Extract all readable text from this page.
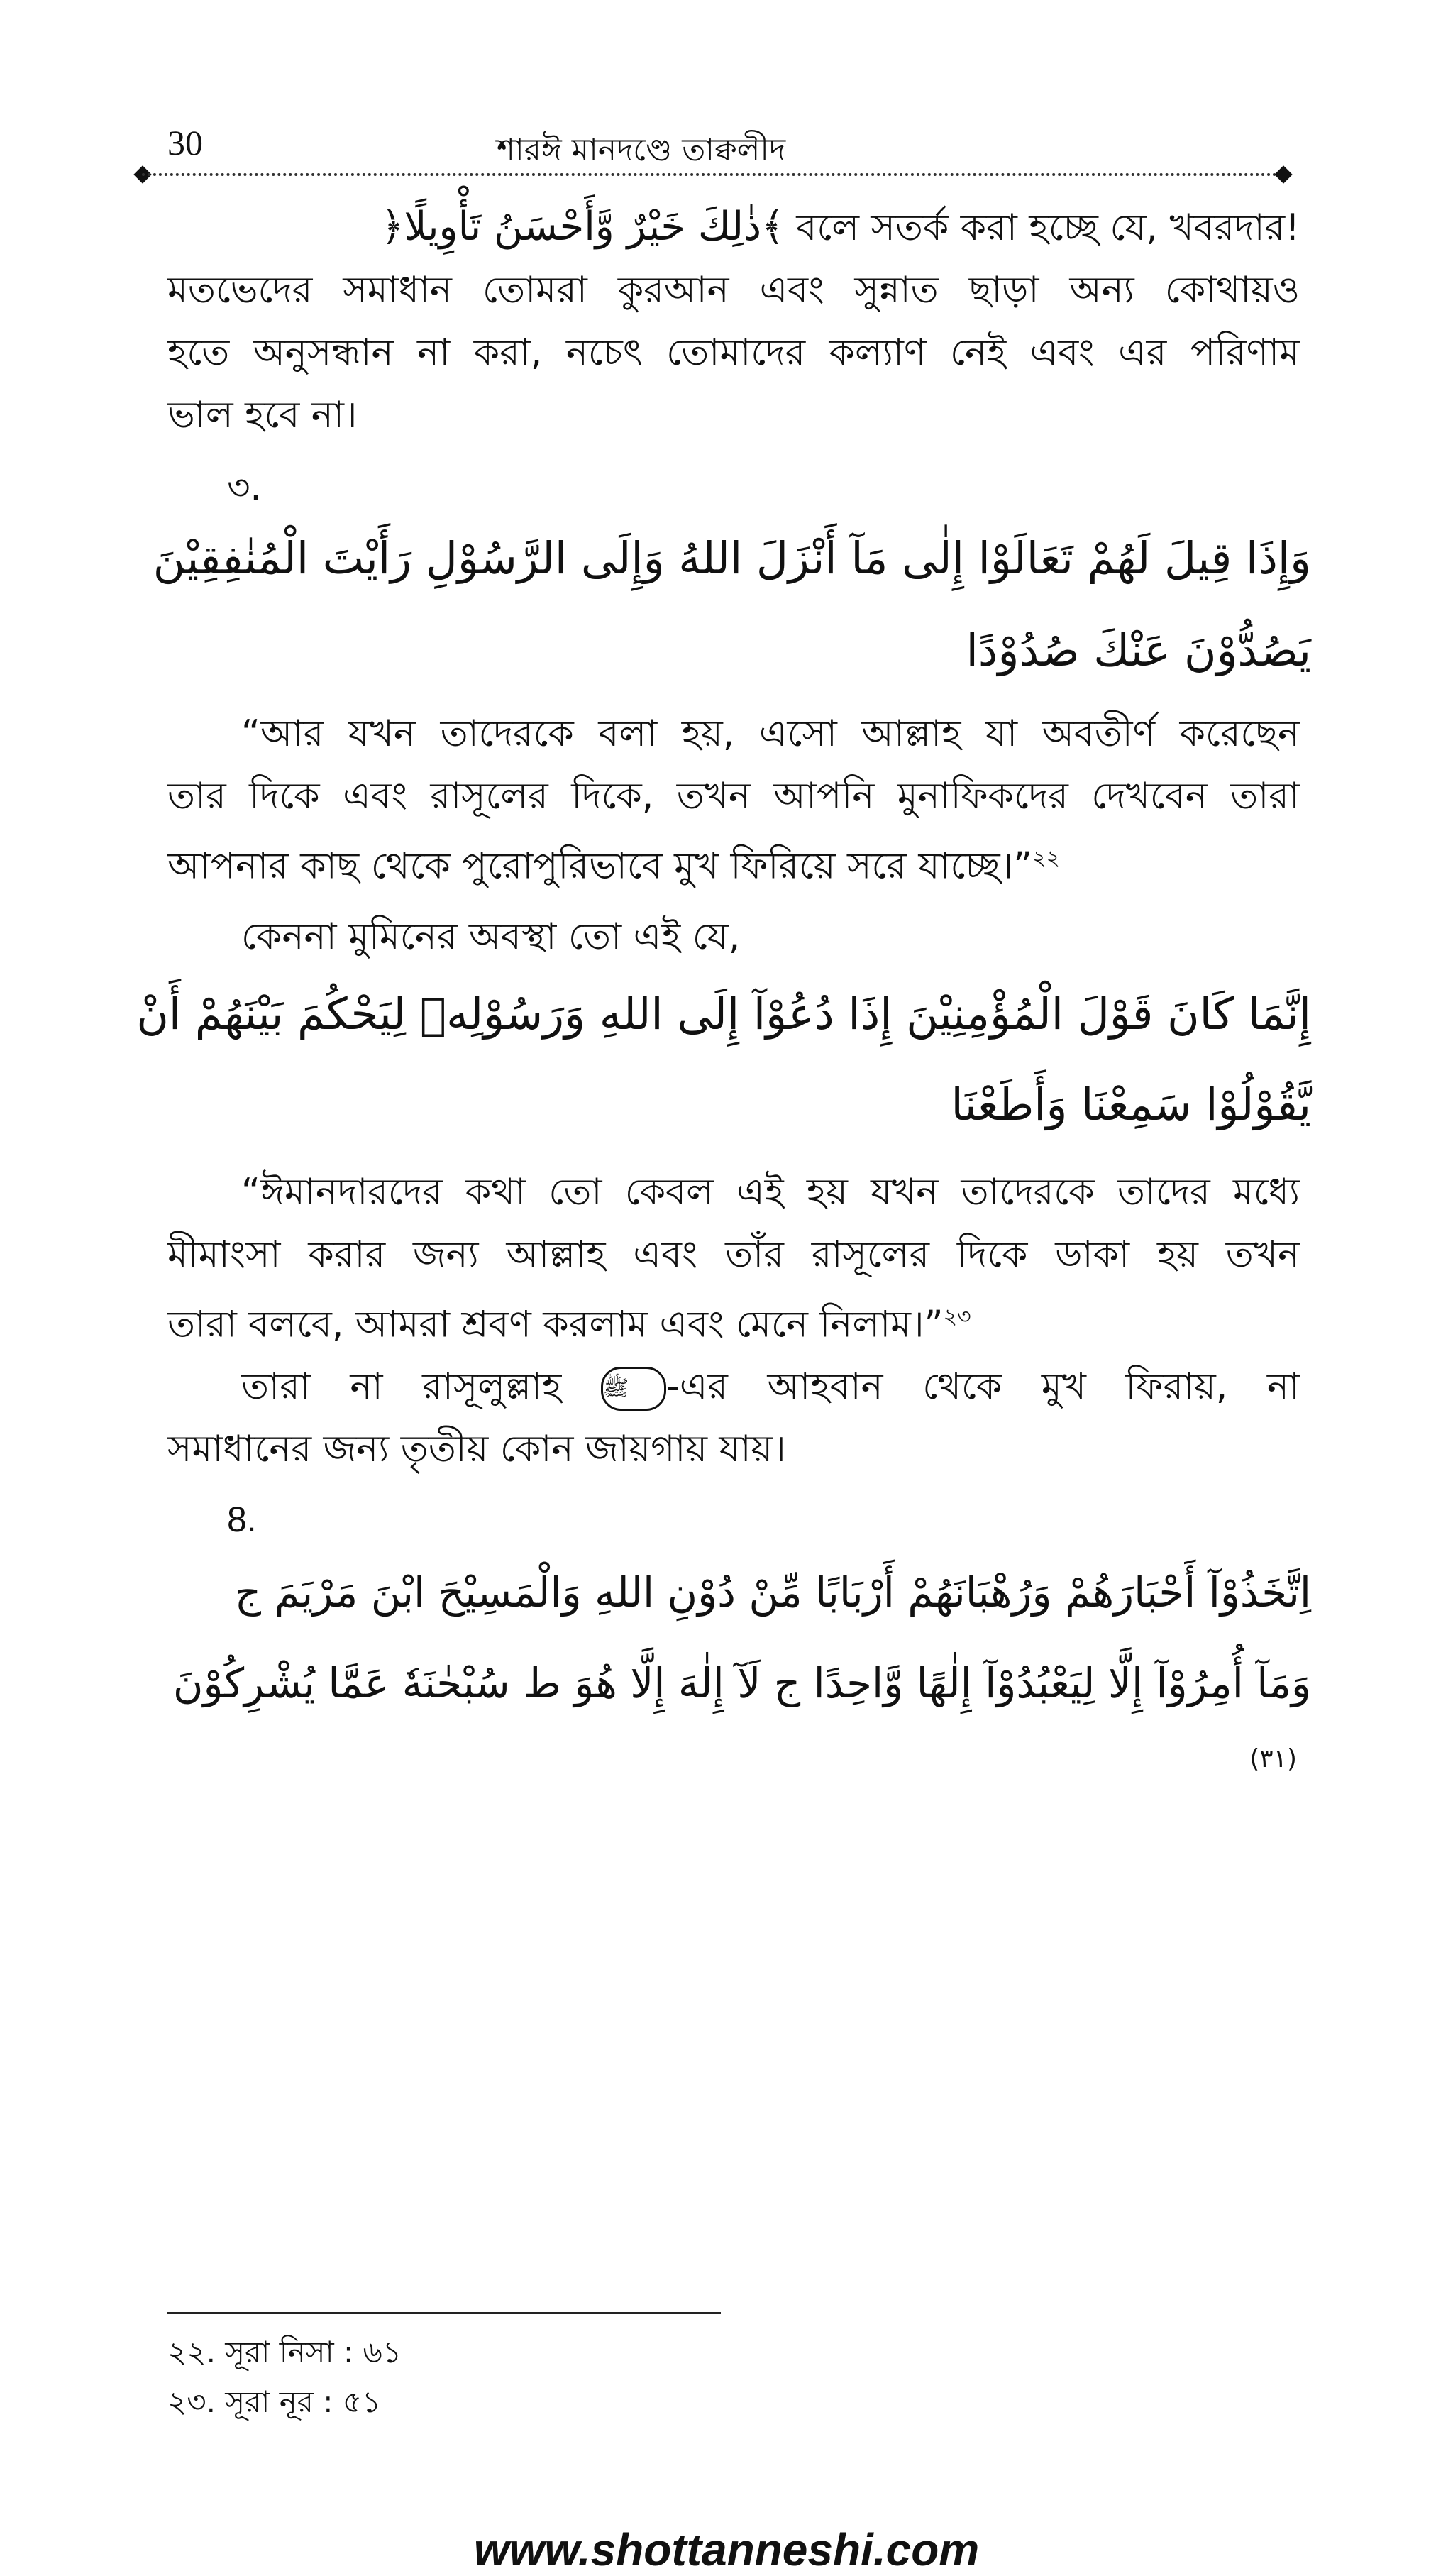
30	শারঈ মানদণ্ডে তাক্বলীদ
﴿ذٰلِكَ خَيْرٌ وَّأَحْسَنُ تَأْوِيلًا﴾ বলে সতর্ক করা হচ্ছে যে, খবরদার!
মতভেদের সমাধান তোমরা কুরআন এবং সুন্নাত ছাড়া অন্য কোথায়ও
হতে অনুসন্ধান না করা, নচেৎ তোমাদের কল্যাণ নেই এবং এর পরিণাম
ভাল হবে না।
৩.
وَإِذَا قِيلَ لَهُمْ تَعَالَوْا إِلٰى مَآ أَنْزَلَ اللهُ وَإِلَى الرَّسُوْلِ رَأَيْتَ الْمُنٰفِقِيْنَ
يَصُدُّوْنَ عَنْكَ صُدُوْدًا
“আর যখন তাদেরকে বলা হয়, এসো আল্লাহ যা অবতীর্ণ করেছেন
তার দিকে এবং রাসূলের দিকে, তখন আপনি মুনাফিকদের দেখবেন তারা
আপনার কাছ থেকে পুরোপুরিভাবে মুখ ফিরিয়ে সরে যাচ্ছে।”$^{২২}$
কেননা মুমিনের অবস্থা তো এই যে,
إِنَّمَا كَانَ قَوْلَ الْمُؤْمِنِيْنَ إِذَا دُعُوْآ إِلَى اللهِ وَرَسُوْلِهٖ لِيَحْكُمَ بَيْنَهُمْ أَنْ
يَّقُوْلُوْا سَمِعْنَا وَأَطَعْنَا
“ঈমানদারদের কথা তো কেবল এই হয় যখন তাদেরকে তাদের মধ্যে
মীমাংসা করার জন্য আল্লাহ এবং তাঁর রাসূলের দিকে ডাকা হয় তখন
তারা বলবে, আমরা শ্রবণ করলাম এবং মেনে নিলাম।”$^{২৩}$
তারা না রাসূলুল্লাহ ﷺ -এর আহবান থেকে মুখ ফিরায়, না
সমাধানের জন্য তৃতীয় কোন জায়গায় যায়।
8.
اِتَّخَذُوْآ أَحْبَارَهُمْ وَرُهْبَانَهُمْ أَرْبَابًا مِّنْ دُوْنِ اللهِ وَالْمَسِيْحَ ابْنَ مَرْيَمَ ج
وَمَآ أُمِرُوْآ إِلَّا لِيَعْبُدُوْآ إِلٰهًا وَّاحِدًا ج لَآ إِلٰهَ إِلَّا هُوَ ط سُبْحٰنَهٗ عَمَّا يُشْرِكُوْنَ
(٣١)
২২. সূরা নিসা : ৬১
২৩. সূরা নূর : ৫১
www.shottanneshi.com
